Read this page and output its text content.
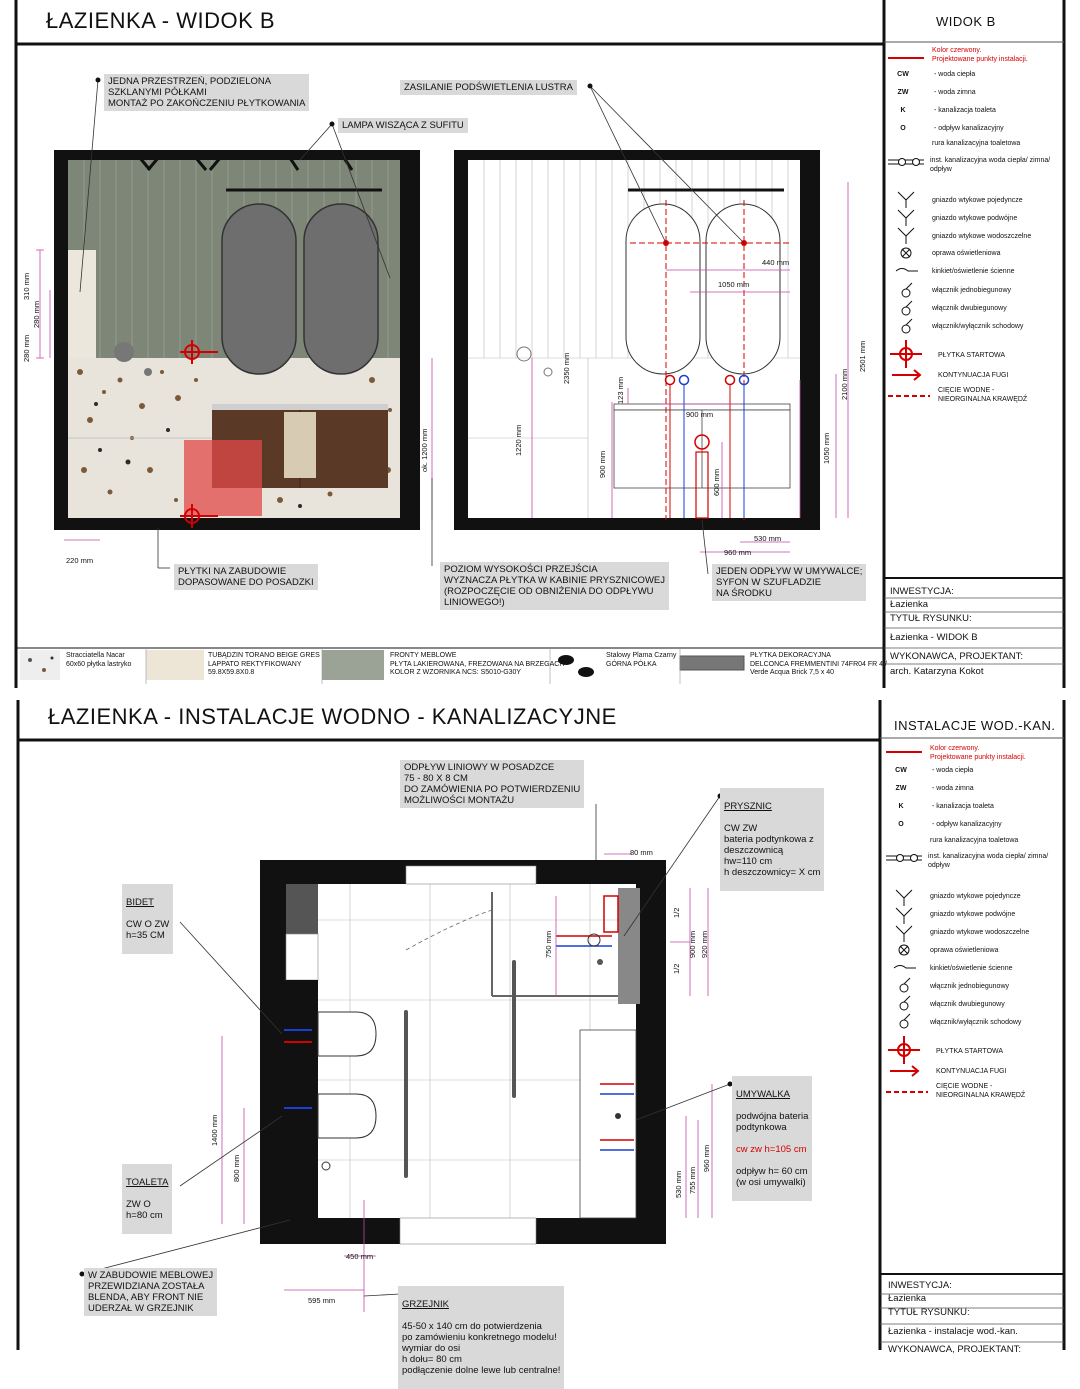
ŁAZIENKA - WIDOK B	WIDOK B
Kolor czerwony.
Projektowane punkty instalacji.
CW	- woda ciepła
ZW	- woda zimna
K	- kanalizacja toaleta
O	- odpływ kanalizacyjny
rura kanalizacyjna toaletowa
inst. kanalizacyjna woda ciepła/ zimna/ odpływ
gniazdo wtykowe pojedyncze
gniazdo wtykowe podwójne
gniazdo wtykowe wodoszczelne
oprawa oświetleniowa
kinkiet/oświetlenie ścienne
włącznik jednobiegunowy
włącznik dwubiegunowy
włącznik/wyłącznik schodowy
PŁYTKA STARTOWA
KONTYNUACJA FUGI
CIĘCIE WODNE -
NIEORGINALNA KRAWĘDŹ
INWESTYCJA:
Łazienka
TYTUŁ RYSUNKU:
Łazienka - WIDOK B
WYKONAWCA, PROJEKTANT:
arch. Katarzyna Kokot
JEDNA PRZESTRZEŃ, PODZIELONA
SZKLANYMI PÓŁKAMI
MONTAŻ PO ZAKOŃCZENIU PŁYTKOWANIA
LAMPA WISZĄCA Z SUFITU
ZASILANIE PODŚWIETLENIA LUSTRA
PŁYTKI NA ZABUDOWIE
DOPASOWANE DO POSADZKI
POZIOM WYSOKOŚCI PRZEJŚCIA
WYZNACZA PŁYTKA W KABINIE PRYSZNICOWEJ
(ROZPOCZĘCIE OD OBNIŻENIA DO ODPŁYWU
LINIOWEGO!)
JEDEN ODPŁYW W UMYWALCE;
SYFON W SZUFLADZIE
NA ŚRODKU
310 mm
280 mm
280 mm
220 mm
ok. 1200 mm
2350 mm
1220 mm
900 mm
123 mm
900 mm
600 mm
1050 mm
440 mm
2100 mm
2501 mm
1050 mm
530 mm
960 mm
Stracciatella Nacar
60x60 płytka lastryko
TUBĄDZIN TORANO BEIGE GRES
LAPPATO REKTYFIKOWANY
59.8X59.8X0.8
FRONTY MEBLOWE
PŁYTA LAKIEROWANA, FREZOWANA NA BRZEGACH
KOLOR Z WZORNIKA NCS: S5010-G30Y
Stalowy Plama Czarny
GÓRNA PÓŁKA
PŁYTKA DEKORACYJNA
DELCONCA FREMMENTINI 74FR04 FR 4 /
Verde Acqua Brick 7,5 x 40
ŁAZIENKA - INSTALACJE WODNO - KANALIZACYJNE	INSTALACJE WOD.-KAN.
Kolor czerwony.
Projektowane punkty instalacji.
CW	- woda ciepła
ZW	- woda zimna
K	- kanalizacja toaleta
O	- odpływ kanalizacyjny
rura kanalizacyjna toaletowa
inst. kanalizacyjna woda ciepła/ zimna/ odpływ
gniazdo wtykowe pojedyncze
gniazdo wtykowe podwójne
gniazdo wtykowe wodoszczelne
oprawa oświetleniowa
kinkiet/oświetlenie ścienne
włącznik jednobiegunowy
włącznik dwubiegunowy
włącznik/wyłącznik schodowy
PŁYTKA STARTOWA
KONTYNUACJA FUGI
CIĘCIE WODNE -
NIEORGINALNA KRAWĘDŹ
INWESTYCJA:
Łazienka
TYTUŁ RYSUNKU:
Łazienka - instalacje wod.-kan.
WYKONAWCA, PROJEKTANT:
ODPŁYW LINIOWY W POSADZCE
75 - 80 X 8 CM
DO ZAMÓWIENIA PO POTWIERDZENIU
MOŻLIWOŚCI MONTAŻU
W ZABUDOWIE MEBLOWEJ
PRZEWIDZIANA ZOSTAŁA
BLENDA, ABY FRONT NIE
UDERZAŁ W GRZEJNIK

PRYSZNIC

CW ZW
bateria podtynkowa z
deszczownicą
hw=110 cm
h deszczownicy= X cm

BIDET

CW O ZW
h=35 CM

TOALETA

ZW O
h=80 cm

UMYWALKA

podwójna bateria
podtynkowa

cw zw h=105 cm

odpływ h= 60 cm
(w osi umywalki)

GRZEJNIK

45-50 x 140 cm do potwierdzenia
po zamówieniu konkretnego modelu!
wymiar do osi
h dołu= 80 cm
podłączenie dolne lewe lub centralne!

80 mm
750 mm	900 mm 920 mm
1/2
1/2
1400 mm
800 mm
530 mm 755 mm
960 mm
450 mm
595 mm
